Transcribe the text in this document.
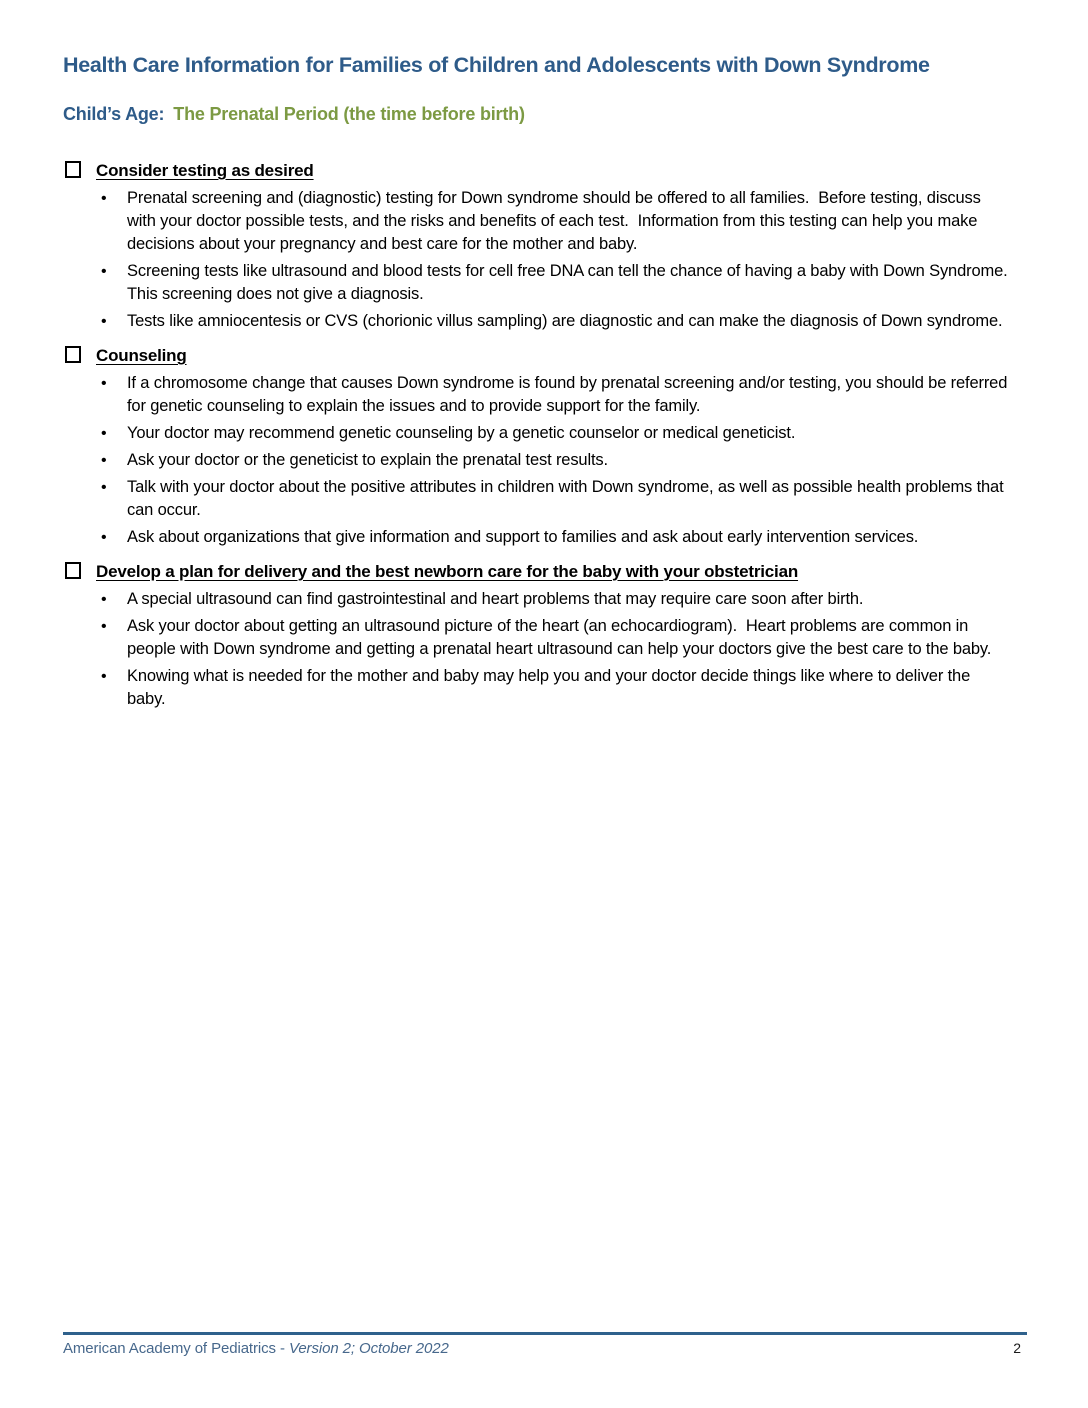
Health Care Information for Families of Children and Adolescents with Down Syndrome
Child’s Age: The Prenatal Period (the time before birth)
Consider testing as desired
• Prenatal screening and (diagnostic) testing for Down syndrome should be offered to all families.  Before testing, discuss with your doctor possible tests, and the risks and benefits of each test.  Information from this testing can help you make decisions about your pregnancy and best care for the mother and baby.
• Screening tests like ultrasound and blood tests for cell free DNA can tell the chance of having a baby with Down Syndrome.  This screening does not give a diagnosis.
• Tests like amniocentesis or CVS (chorionic villus sampling) are diagnostic and can make the diagnosis of Down syndrome.
Counseling
• If a chromosome change that causes Down syndrome is found by prenatal screening and/or testing, you should be referred for genetic counseling to explain the issues and to provide support for the family.
• Your doctor may recommend genetic counseling by a genetic counselor or medical geneticist.
• Ask your doctor or the geneticist to explain the prenatal test results.
• Talk with your doctor about the positive attributes in children with Down syndrome, as well as possible health problems that can occur.
• Ask about organizations that give information and support to families and ask about early intervention services.
Develop a plan for delivery and the best newborn care for the baby with your obstetrician
• A special ultrasound can find gastrointestinal and heart problems that may require care soon after birth.
• Ask your doctor about getting an ultrasound picture of the heart (an echocardiogram).  Heart problems are common in people with Down syndrome and getting a prenatal heart ultrasound can help your doctors give the best care to the baby.
• Knowing what is needed for the mother and baby may help you and your doctor decide things like where to deliver the baby.
American Academy of Pediatrics - Version 2; October 2022	2
